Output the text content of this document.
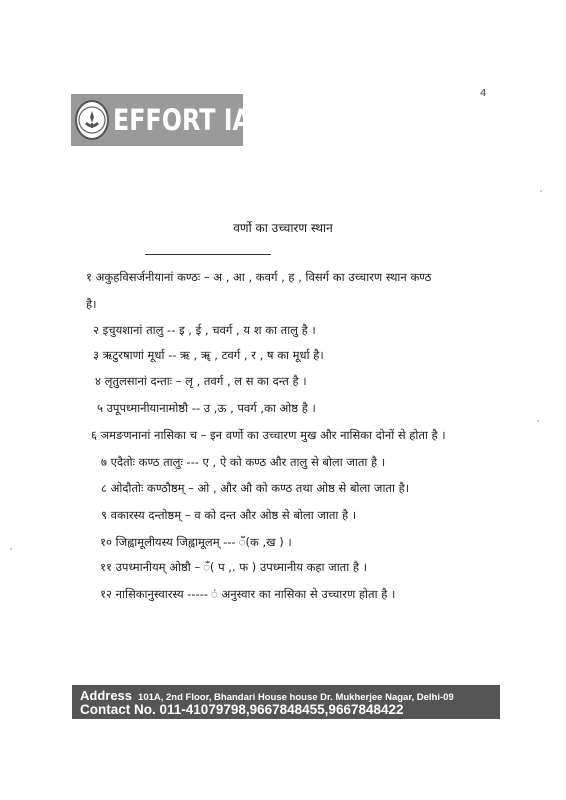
4
EFFORT IAS
वर्णो का उच्चारण स्थान
१ अकुहविसर्जनीयानां कण्ठः – अ , आ , कवर्ग , ह , विसर्ग का उच्चारण स्थान कण्ठ
है।
२ इचुयशानां तालु -- इ , ई , चवर्ग , य श का तालु है ।
३ ऋटुरषाणां मूर्धा -- ऋ , ॠ , टवर्ग , र , ष का मूर्धा है।
४ लृतुलसानां दन्ताः – लृ , तवर्ग , ल स का दन्त है ।
५ उपूपध्मानीयानामोष्ठौ -- उ ,ऊ , पवर्ग ,का ओष्ठ है ।
६ ञमङणनानां नासिका च – इन वर्णो का उच्चारण मुख और नासिका दोनों से होता है ।
७ एदैतोः कण्ठ तालुः --- ए , ऐ को कण्ठ और तालु से बोला जाता है ।
८ ओदौतोः कण्ठौष्ठम् – ओ , और औ को कण्ठ तथा ओष्ठ से बोला जाता है।
९ वकारस्य दन्तोष्ठम् – व को दन्त और ओष्ठ से बोला जाता है ।
१० जिह्वामूलीयस्य जिह्वामूलम् --- ँ(क ,ख ) ।
११ उपध्मानीयम् ओष्ठौ – ँ( प ,. फ ) उपध्मानीय कहा जाता है ।
१२ नासिकानुस्वारस्य ----- ं अनुस्वार का नासिका से उच्चारण होता है ।
Address 101A, 2nd Floor, Bhandari House house Dr. Mukherjee Nagar, Delhi-09
Contact No. 011-41079798,9667848455,9667848422
